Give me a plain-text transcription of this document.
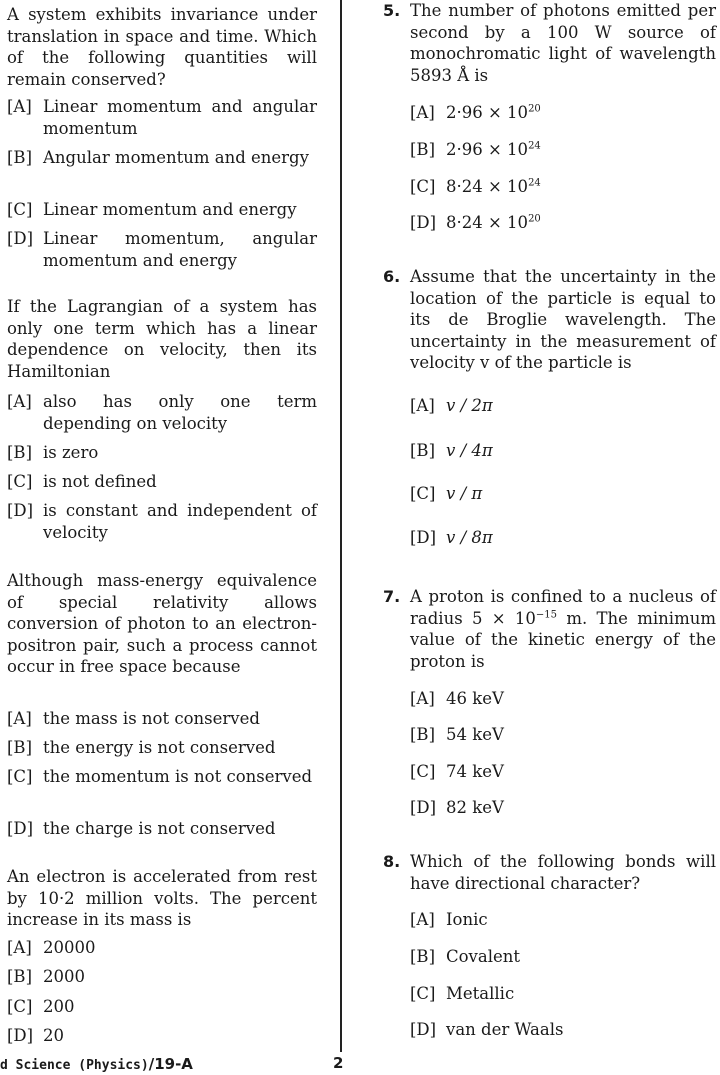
A system exhibits invariance under translation in space and time. Which of the following quantities will remain conserved?

[A] Linear momentum and angular momentum
[B] Angular momentum and energy
[C] Linear momentum and energy
[D] Linear momentum, angular momentum and energy

If the Lagrangian of a system has only one term which has a linear dependence on velocity, then its Hamiltonian

[A] also has only one term depending on velocity
[B] is zero
[C] is not defined
[D] is constant and independent of velocity

Although mass-energy equivalence of special relativity allows conversion of photon to an electron-positron pair, such a process cannot occur in free space because

[A] the mass is not conserved
[B] the energy is not conserved
[C] the momentum is not conserved
[D] the charge is not conserved

An electron is accelerated from rest by 10·2 million volts. The percent increase in its mass is

[A] 20000
[B] 2000
[C] 200
[D] 20
5. The number of photons emitted per second by a 100 W source of monochromatic light of wavelength 5893 Å is

[A] $2\cdot 96 \times 10^{20}$
[B] $2\cdot 96 \times 10^{24}$
[C] $8\cdot 24 \times 10^{24}$
[D] $8\cdot 24 \times 10^{20}$
6. Assume that the uncertainty in the location of the particle is equal to its de Broglie wavelength. The uncertainty in the measurement of velocity v of the particle is

[A] v / 2π
[B] v / 4π
[C] v / π
[D] v / 8π
7. A proton is confined to a nucleus of radius $5 \times 10^{-15}$ m. The minimum value of the kinetic energy of the proton is

[A] 46 keV
[B] 54 keV
[C] 74 keV
[D] 82 keV
8. Which of the following bonds will have directional character?

[A] Ionic
[B] Covalent
[C] Metallic
[D] van der Waals
d Science (Physics)/19-A	2
